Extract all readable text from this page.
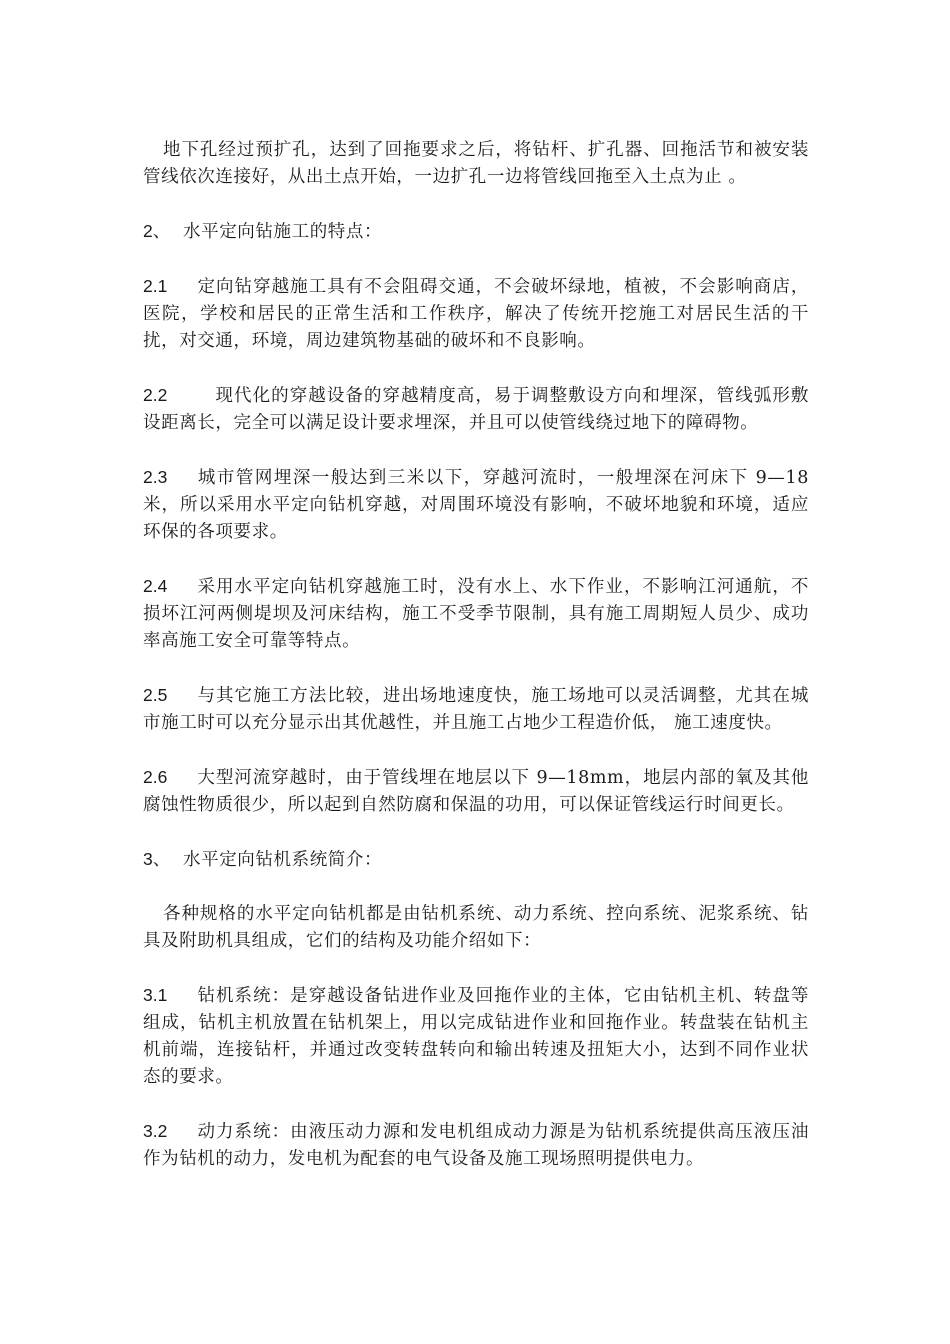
地下孔经过预扩孔，达到了回拖要求之后，将钻杆、扩孔器、回拖活节和被安装管线依次连接好，从出土点开始，一边扩孔一边将管线回拖至入土点为止 。

2、 水平定向钻施工的特点：

2.1 定向钻穿越施工具有不会阻碍交通，不会破坏绿地，植被，不会影响商店，医院，学校和居民的正常生活和工作秩序，解决了传统开挖施工对居民生活的干扰，对交通，环境，周边建筑物基础的破坏和不良影响。

2.2	现代化的穿越设备的穿越精度高，易于调整敷设方向和埋深，管线弧形敷设距离长，完全可以满足设计要求埋深，并且可以使管线绕过地下的障碍物。

2.3 城市管网埋深一般达到三米以下，穿越河流时，一般埋深在河床下 9—18米，所以采用水平定向钻机穿越，对周围环境没有影响，不破坏地貌和环境，适应环保的各项要求。

2.4 采用水平定向钻机穿越施工时，没有水上、水下作业，不影响江河通航，不损坏江河两侧堤坝及河床结构，施工不受季节限制，具有施工周期短人员少、成功率高施工安全可靠等特点。

2.5 与其它施工方法比较，进出场地速度快，施工场地可以灵活调整，尤其在城市施工时可以充分显示出其优越性，并且施工占地少工程造价低， 施工速度快。

2.6 大型河流穿越时，由于管线埋在地层以下 9—18mm，地层内部的氧及其他腐蚀性物质很少，所以起到自然防腐和保温的功用，可以保证管线运行时间更长。

3、 水平定向钻机系统简介：

各种规格的水平定向钻机都是由钻机系统、动力系统、控向系统、泥浆系统、钻具及附助机具组成，它们的结构及功能介绍如下：

3.1 钻机系统：是穿越设备钻进作业及回拖作业的主体，它由钻机主机、转盘等组成，钻机主机放置在钻机架上，用以完成钻进作业和回拖作业。转盘装在钻机主机前端，连接钻杆，并通过改变转盘转向和输出转速及扭矩大小，达到不同作业状态的要求。

3.2 动力系统：由液压动力源和发电机组成动力源是为钻机系统提供高压液压油作为钻机的动力，发电机为配套的电气设备及施工现场照明提供电力。
